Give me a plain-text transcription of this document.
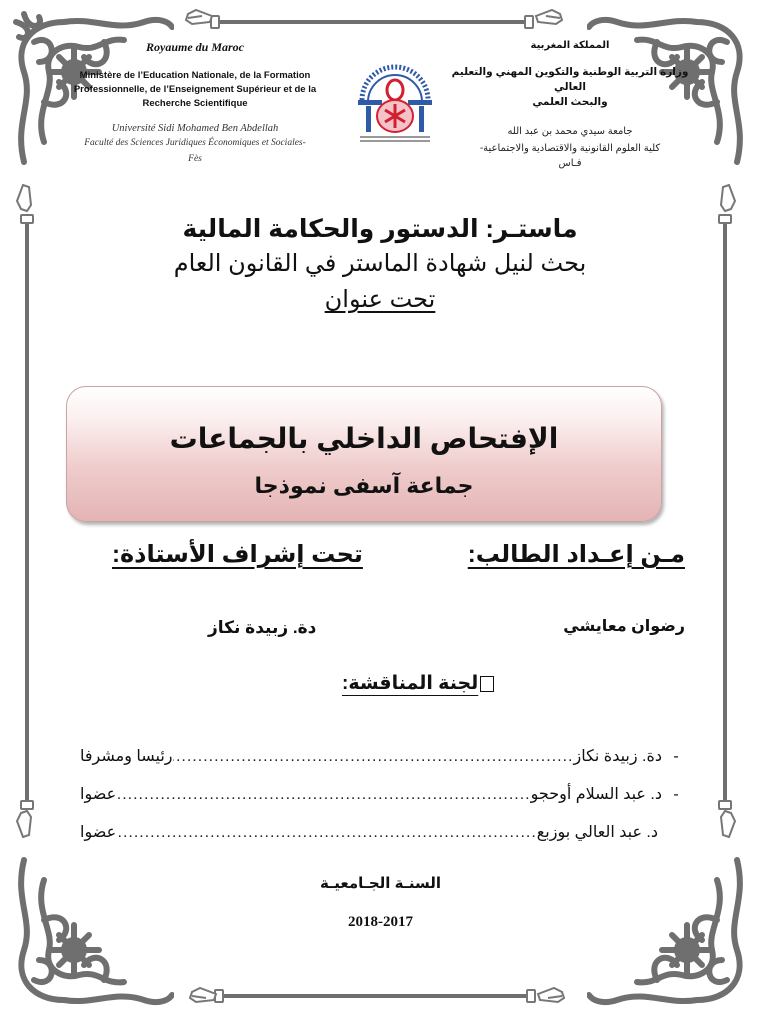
Royaume du Maroc
Ministère de l’Education Nationale, de la Formation Professionnelle, de l’Enseignement Supérieur et de la Recherche Scientifique
Université Sidi Mohamed Ben Abdellah
Faculté des Sciences Juridiques Économiques et Sociales-
Fès
المملكة المغربية
وزارة التربية الوطنية والتكوين المهني والتعليم العالي
والبحث العلمي
جامعة سيدي محمد بن عبد الله
كلية العلوم القانونية والاقتصادية والاجتماعية-
فـاس
ماستـر: الدستور والحكامة المالية
بحث لنيل شهادة الماستر في القانون العام
تحت عنوان
الإفتحاص الداخلي بالجماعات
جماعة آسفى نموذجا
مـن إعـداد الطالب:
تحت إشراف الأستاذة:
رضوان معايشي
دة. زبيدة نكاز
لجنة المناقشة:
-
دة. زبيدة نكاز
.....
رئيسا ومشرفا
-
د. عبد السلام أوحجو
.....
عضوا
د. عبد العالي بوزبع
.....
عضوا
السنـة الجـامعيـة
2018-2017
